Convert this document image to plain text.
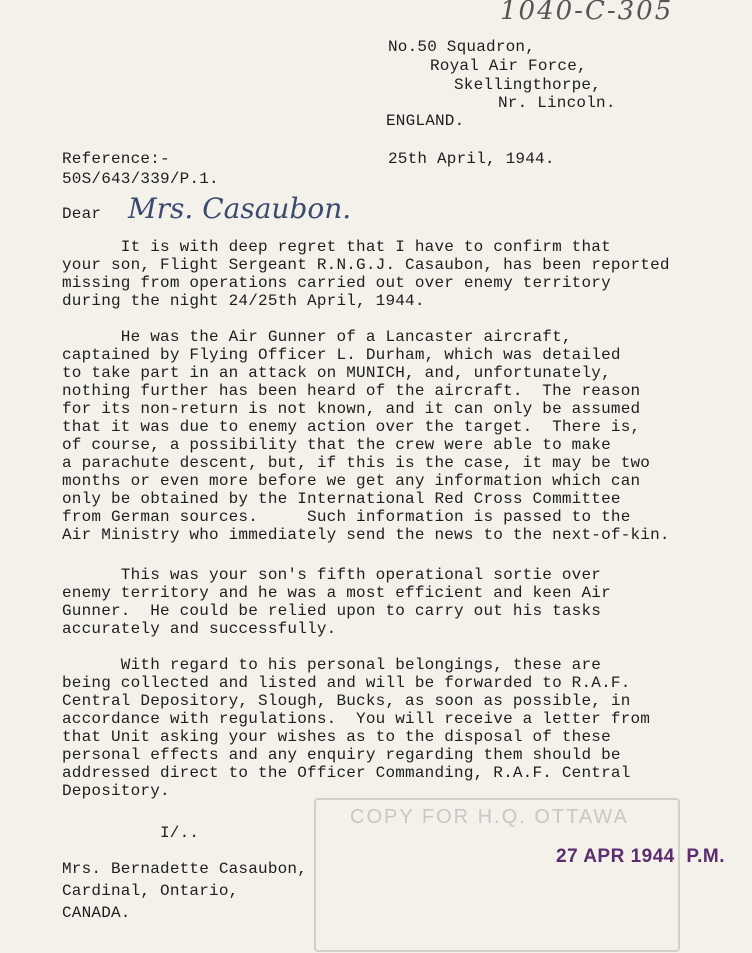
1040-C-305
No.50 Squadron,
Royal Air Force,
Skellingthorpe,
Nr. Lincoln.
ENGLAND.
Reference:-
50S/643/339/P.1.
25th April, 1944.
Dear Mrs. Casaubon.
It is with deep regret that I have to confirm that
your son, Flight Sergeant R.N.G.J. Casaubon, has been reported
missing from operations carried out over enemy territory
during the night 24/25th April, 1944.
He was the Air Gunner of a Lancaster aircraft,
captained by Flying Officer L. Durham, which was detailed
to take part in an attack on MUNICH, and, unfortunately,
nothing further has been heard of the aircraft.  The reason
for its non-return is not known, and it can only be assumed
that it was due to enemy action over the target.  There is,
of course, a possibility that the crew were able to make
a parachute descent, but, if this is the case, it may be two
months or even more before we get any information which can
only be obtained by the International Red Cross Committee
from German sources.     Such information is passed to the
Air Ministry who immediately send the news to the next-of-kin.
This was your son's fifth operational sortie over
enemy territory and he was a most efficient and keen Air
Gunner.  He could be relied upon to carry out his tasks
accurately and successfully.
With regard to his personal belongings, these are
being collected and listed and will be forwarded to R.A.F.
Central Depository, Slough, Bucks, as soon as possible, in
accordance with regulations.  You will receive a letter from
that Unit asking your wishes as to the disposal of these
personal effects and any enquiry regarding them should be
addressed direct to the Officer Commanding, R.A.F. Central
Depository.
COPY FOR H.Q. OTTAWA
I/..
27 APR 1944  P.M.
Mrs. Bernadette Casaubon,
Cardinal, Ontario,
CANADA.
